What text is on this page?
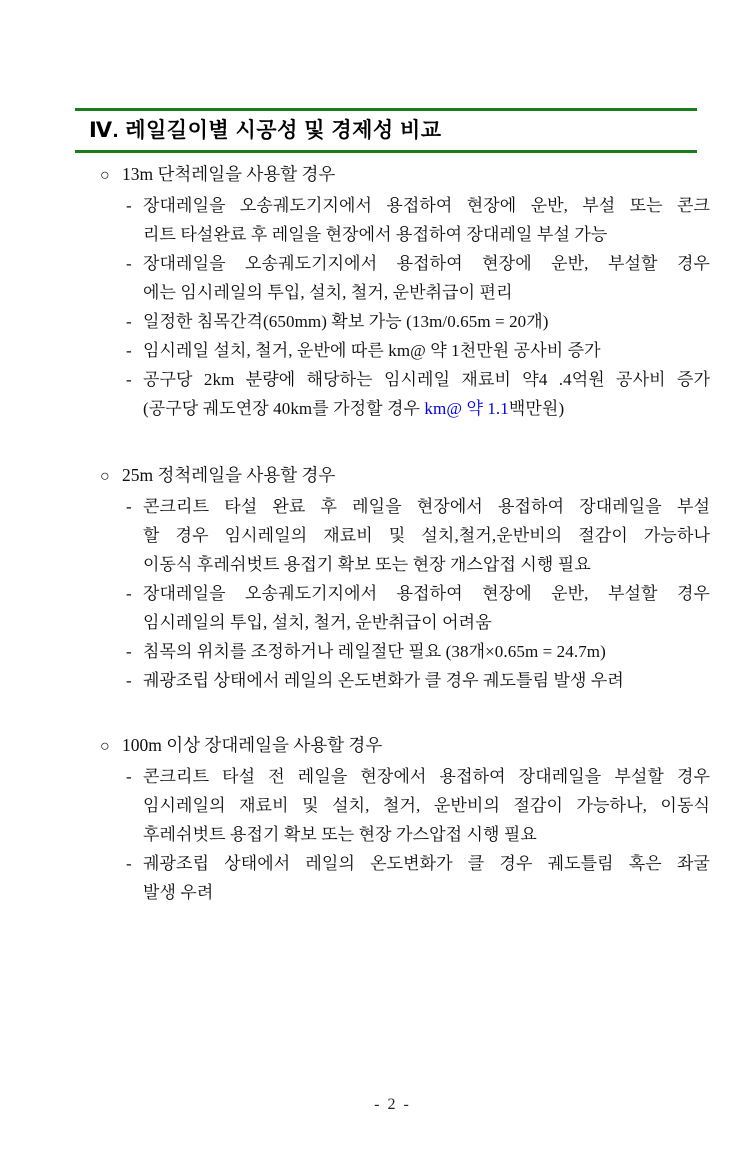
Ⅳ. 레일길이별 시공성 및 경제성 비교
○ 13m 단척레일을 사용할 경우
- 장대레일을 오송궤도기지에서 용접하여 현장에 운반, 부설 또는 콘크
리트 타설완료 후 레일을 현장에서 용접하여 장대레일 부설 가능
- 장대레일을 오송궤도기지에서 용접하여 현장에 운반, 부설할 경우
에는 임시레일의 투입, 설치, 철거, 운반취급이 편리
- 일정한 침목간격(650mm) 확보 가능 (13m/0.65m = 20개)
- 임시레일 설치, 철거, 운반에 따른 km@ 약 1천만원 공사비 증가
- 공구당 2km 분량에 해당하는 임시레일 재료비 약4 .4억원 공사비 증가
(공구당 궤도연장 40km를 가정할 경우 km@ 약 1.1백만원)
○ 25m 정척레일을 사용할 경우
- 콘크리트 타설 완료 후 레일을 현장에서 용접하여 장대레일을 부설
할 경우 임시레일의 재료비 및 설치,철거,운반비의 절감이 가능하나
이동식 후레쉬벗트 용접기 확보 또는 현장 개스압접 시행 필요
- 장대레일을 오송궤도기지에서 용접하여 현장에 운반, 부설할 경우
임시레일의 투입, 설치, 철거, 운반취급이 어려움
- 침목의 위치를 조정하거나 레일절단 필요 (38개×0.65m = 24.7m)
- 궤광조립 상태에서 레일의 온도변화가 클 경우 궤도틀림 발생 우려
○ 100m 이상 장대레일을 사용할 경우
- 콘크리트 타설 전 레일을 현장에서 용접하여 장대레일을 부설할 경우
임시레일의 재료비 및 설치, 철거, 운반비의 절감이 가능하나, 이동식
후레쉬벗트 용접기 확보 또는 현장 가스압접 시행 필요
- 궤광조립 상태에서 레일의 온도변화가 클 경우 궤도틀림 혹은 좌굴
발생 우려
- 2 -
